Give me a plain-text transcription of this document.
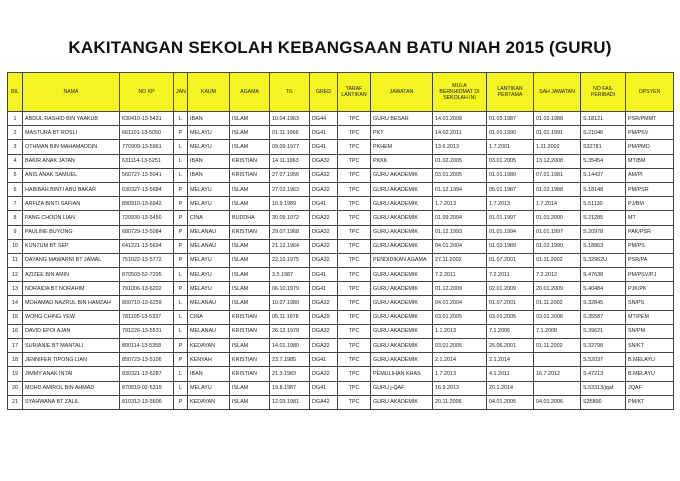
KAKITANGAN SEKOLAH KEBANGSAAN BATU NIAH 2015 (GURU)
BIL	NAMA	NO KP	JAN	KAUM	AGAMA	T/L	GRED	TARAF LANTIKAN	JAWATAN	MULA BERKHIDMAT DI SEKOLAH INI	LANTIKAN PERTAMA	SAH JAWATAN	NO FAIL PERIBADI	OPSYEN
1	ABDUL RASHID BIN YAAKUB	630410-13-5431	L	IBAN	ISLAM	10.04.1963	DG44	TPC	GURU BESAR	14.01.2008	01.03.1987	01.03.1988	S.18121	PSR/PMMT
2	MASTURA BT ROSLI	661101-13-5050	P	MELAYU	ISLAM	01.11.1966	DG41	TPC	PKT	14.02.2011	01.01.1990	01.01.1991	S.21046	PM/PSV
3	OTHMAN BIN MAHAMADDIN	770909-13-5961	L	MELAYU	ISLAM	09.09.1977	DG41	TPC	PKHEM	13.6.2013	1.7.2001	1.11.2002	S32781	PM/PMO
4	BAKIR ANAK JATAN	631114-13-5251	L	IBAN	KRISTIAN	14.11.1963	DGA32	TPC	PKKK	01.02.2005	03.01.2005	13.12.2008	S.35454	MT/BM
5	ANIS ANAK SAMUEL	560727-13-5041	L	IBAN	KRISTIAN	27.07.1956	DGA32	TPC	GURU AKADEMIK	03.01.2005	01.01.1980	07.01.1981	S.14437	AM/PI
6	HABIBAH BINTI ABU BAKAR	630327-13-5684	P	MELAYU	ISLAM	27.03.1963	DGA32	TPC	GURU AKADEMIK	01.12.1994	05.01.1987	01.03.1988	S.18148	PM/PSR
7	ARFIZA BINTI SAFIAN	890910-13-6942	P	MELAYU	ISLAM	10.9.1989	DG41	TPC	GURU AKADEMIK	1.7.2013	1.7.2013	1.7.2014	S.51130	PJ/BM
8	PANG CHOON LIAN	720930-13-5450	P	CINA	BUDDHA	30.09.1972	DGA32	TPC	GURU AKADEMIK	01.09.2004	01.01.1997	01.01.2000	S.21285	MT
9	PAULINE BUYONG	680729-13-5084	P	MELANAU	KRISTIAN	29.07.1968	DGA32	TPC	GURU AKADEMIK	01.12.1993	01.01.1994	01.01.1997	S.20978	PAK/PSR
10	KUNTUM BT SEP	641221-13-5694	P	MELANAU	ISLAM	21.12.1964	DGA32	TPC	GURU AKADEMIK	04.01.2004	01.03.1989	01.03.1990	S.18863	PM/PS
11	DAYANG MAWARNI BT JAMAL	751022-13-5772	P	MELAYU	ISLAM	22.10.1975	DGA32	TPC	PENDIDIKAN AGAMA	27.11.2002	01.07.2001	01.11.2002	S.32962U	PSR/PA
12	AZIZEE BIN AMIN	870503-52-7295	L	MELAYU	ISLAM	3.5.1987	DG41	TPC	GURU AKADEMIK	7.2.2011	7.2.2011	7.2.2012	S.47638	PM/PSV/PJ
13	NORAIDA BT NORAHIM	791006-13-6202	P	MELAYU	ISLAM	06.10.1979	DG41	TPC	GURU AKADEMIK	01.12.2009	02.01.2009	20.01.2009	S.40484	PJK/PK
14	MOHAMAD NAZRUL BIN HAMZAH	800710-13-6259	L	MELANAU	ISLAM	10.07.1980	DGA32	TPC	GURU AKADEMIK	04.01.2004	01.07.2001	01.11.2002	S.32845	SN/PS
15	WONG CHING YEW	781105-13-5337	L	CINA	KRISTIAN	05.11.1978	DGA29	TPC	GURU AKADEMIK	03.01.2005	03.01.2005	03.01.2006	S.35587	MT/PEM
16	DAVID EPOI AJAN	791226-13-5531	L	MELANAU	KRISTIAN	26.12.1979	DGA32	TPC	GURU AKADEMIK	1.1.2013	7.1.2006	7.1.2008	S.39621	SN/PM
17	SURIANIE BT MANTALI	800114-13-5358	P	KEDAYAN	ISLAM	14.01.1980	DGA32	TPC	GURU AKADEMIK	03.01.2005	25.06.2001	01.11.2002	S.32798	SN/KT
18	JENNIFER TIPONG LIAN	850723-13-5106	P	KENYAH	KRISTIAN	23.7.1985	DG41	TPC	GURU AKADEMIK	2.1.2014	2.1.2014		S.52037	B.MELAYU
19	JIMMY ANAK INTAI	830321-13-6287	L	IBAN	KRISTIAN	21.3.1983	DGA32	TPC	PEMULIHAN KHAS	1.7.2013	4.1.2011	16.7.2012	S.47213	B.MELAYU
20	MOHD AMIROL BIN AHMAD	870819-02-5319	L	MELAYU	ISLAM	19.8.1987	DG41	TPC	GURU j-QAF	16.9.2013	20.1.2014		S.53313/jqaf	JQAF
21	SYAHWANA BT ZALIL	810312-13-5606	P	KEDAYAN	ISLAM	12.03.1981	DGA42	TPC	GURU AKADEMIK	20.11.2006	04.01.2005	04.01.2006	S35890	PM/KT
